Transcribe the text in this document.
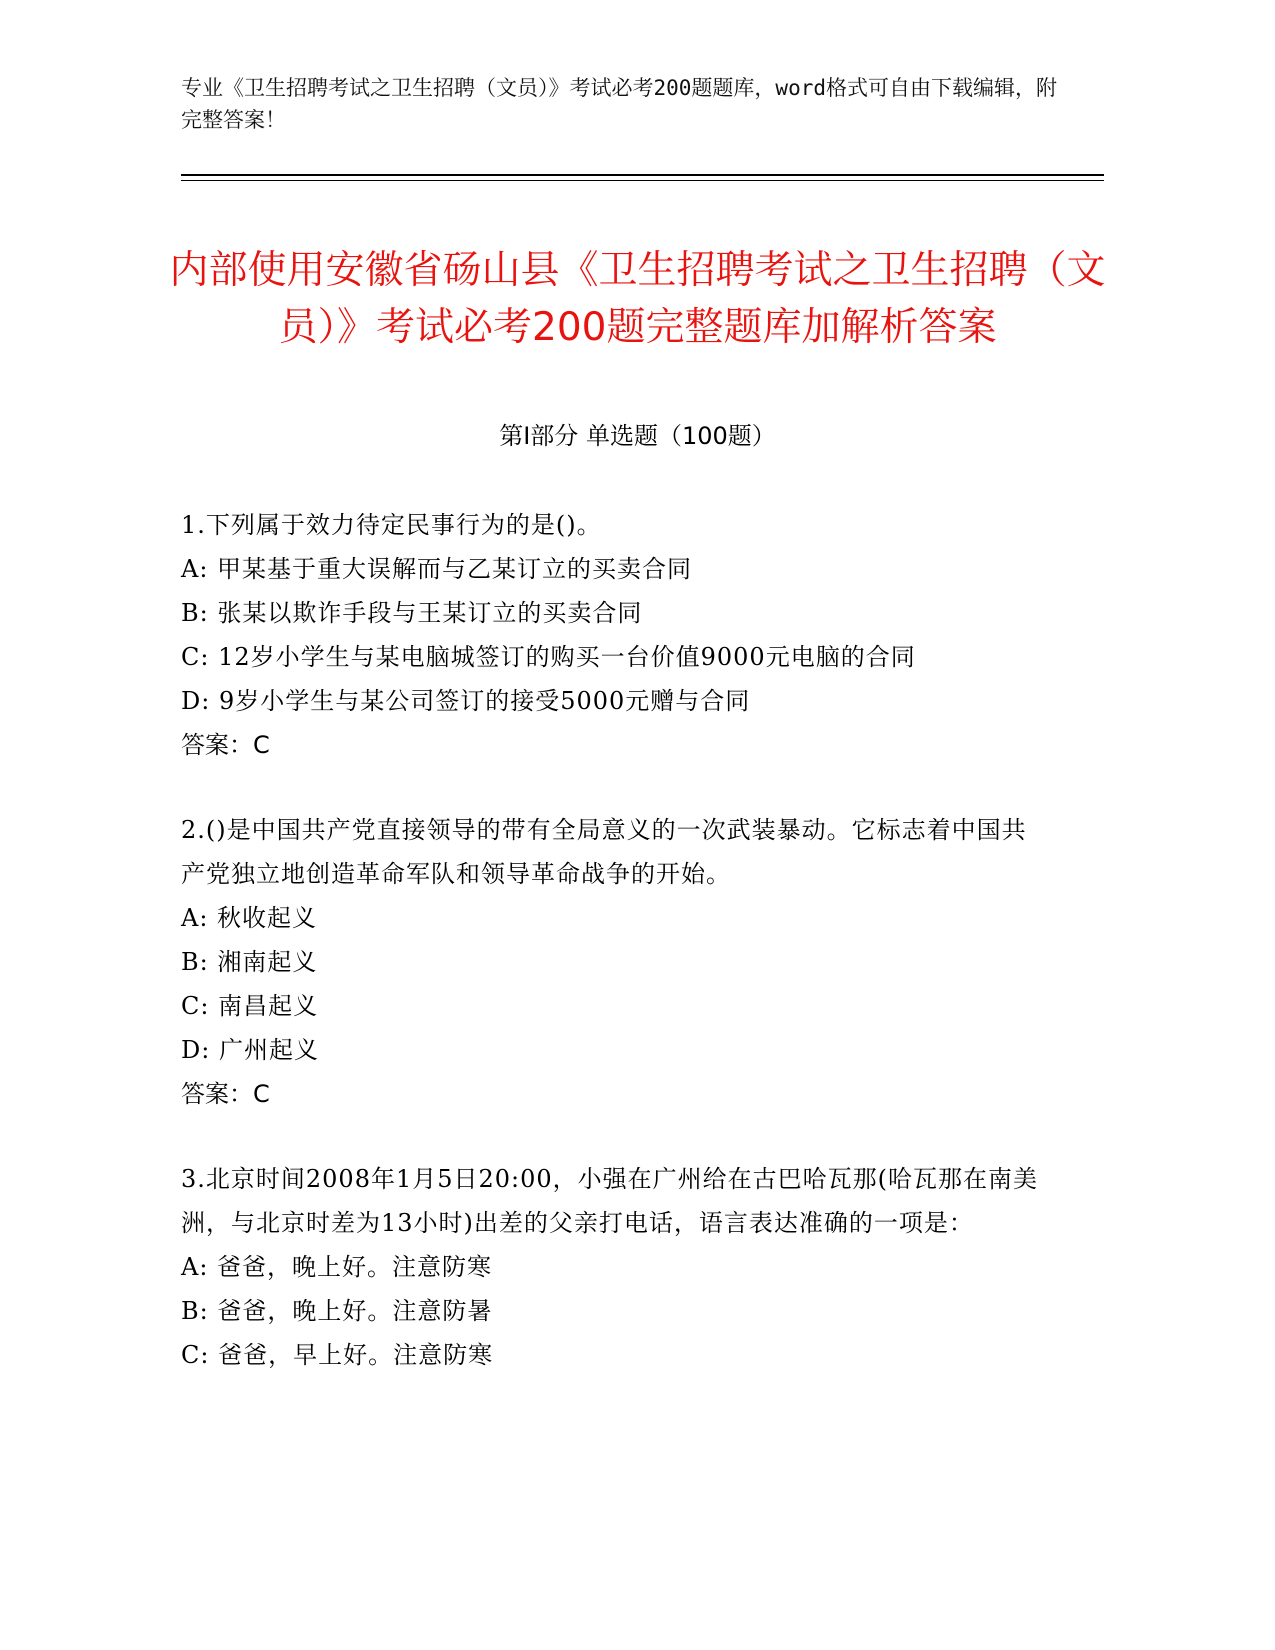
专业《卫生招聘考试之卫生招聘（文员）》考试必考200题题库，word格式可自由下载编辑，附完整答案！
内部使用安徽省砀山县《卫生招聘考试之卫生招聘（文员）》考试必考200题完整题库加解析答案
第Ⅰ部分 单选题（100题）
1.下列属于效力待定民事行为的是()。
A: 甲某基于重大误解而与乙某订立的买卖合同
B: 张某以欺诈手段与王某订立的买卖合同
C: 12岁小学生与某电脑城签订的购买一台价值9000元电脑的合同
D: 9岁小学生与某公司签订的接受5000元赠与合同
答案：C
2.()是中国共产党直接领导的带有全局意义的一次武装暴动。它标志着中国共产党独立地创造革命军队和领导革命战争的开始。
A: 秋收起义
B: 湘南起义
C: 南昌起义
D: 广州起义
答案：C
3.北京时间2008年1月5日20:00，小强在广州给在古巴哈瓦那(哈瓦那在南美洲，与北京时差为13小时)出差的父亲打电话，语言表达准确的一项是：
A: 爸爸，晚上好。注意防寒
B: 爸爸，晚上好。注意防暑
C: 爸爸，早上好。注意防寒
